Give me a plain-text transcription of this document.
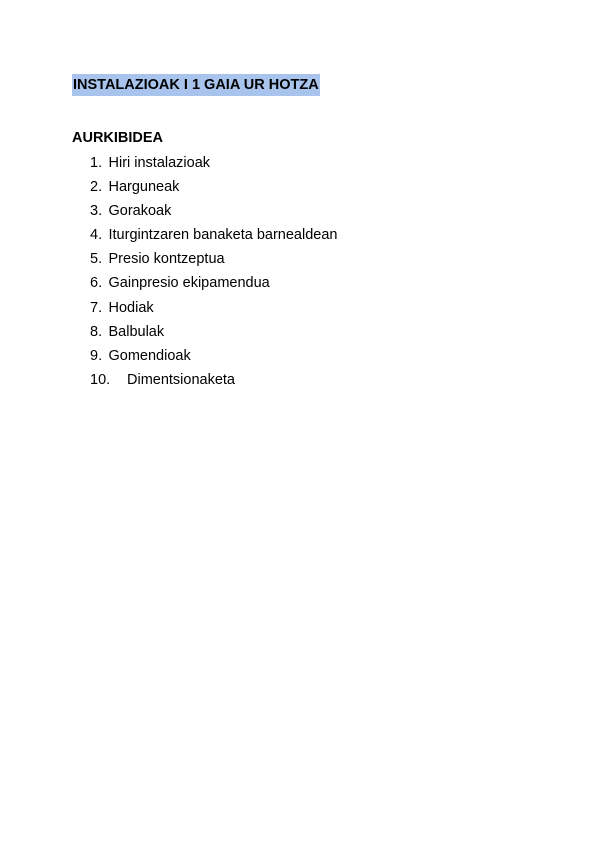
INSTALAZIOAK I 1 GAIA UR HOTZA
AURKIBIDEA
1. Hiri instalazioak
2. Harguneak
3. Gorakoak
4. Iturgintzaren banaketa barnealdean
5. Presio kontzeptua
6. Gainpresio ekipamendua
7. Hodiak
8. Balbulak
9. Gomendioak
10.	Dimentsionaketa
